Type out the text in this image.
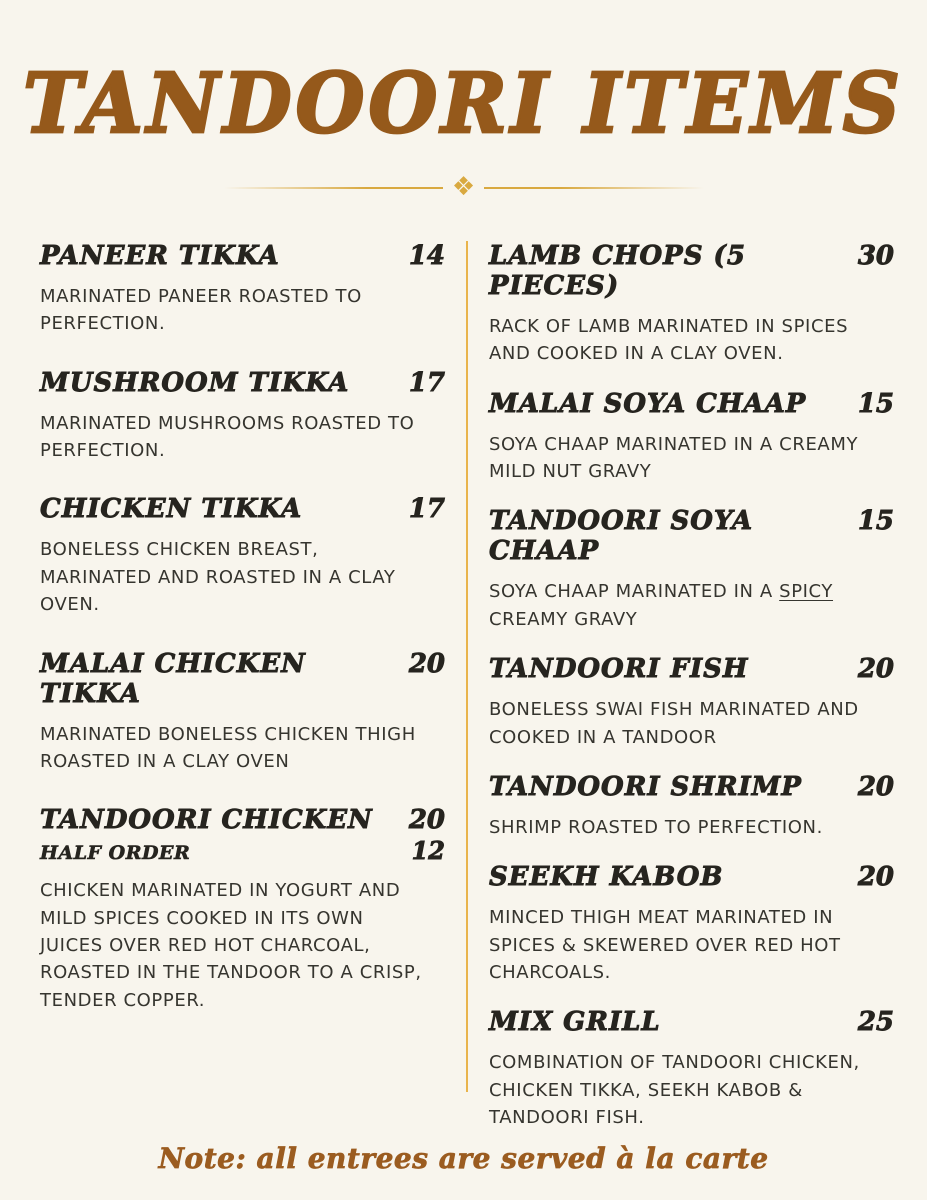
TANDOORI ITEMS
❖
PANEER TIKKA	14

MARINATED PANEER ROASTED TO PERFECTION.

MUSHROOM TIKKA 17

MARINATED MUSHROOMS ROASTED TO PERFECTION.

CHICKEN TIKKA	17

BONELESS CHICKEN BREAST, MARINATED AND ROASTED IN A CLAY OVEN.

MALAI CHICKEN TIKKA
20

MARINATED BONELESS CHICKEN THIGH ROASTED IN A CLAY OVEN

TANDOORI CHICKEN 20
HALF ORDER	12

CHICKEN MARINATED IN YOGURT AND MILD SPICES COOKED IN ITS OWN JUICES OVER RED HOT CHARCOAL, ROASTED IN THE TANDOOR TO A CRISP, TENDER COPPER.

LAMB CHOPS (5 PIECES)
30

RACK OF LAMB MARINATED IN SPICES AND COOKED IN A CLAY OVEN.

MALAI SOYA CHAAP 15

SOYA CHAAP MARINATED IN A CREAMY MILD NUT GRAVY

TANDOORI SOYA CHAAP
15

SOYA CHAAP MARINATED IN A SPICY CREAMY GRAVY

TANDOORI FISH	20

BONELESS SWAI FISH MARINATED AND COOKED IN A TANDOOR

TANDOORI SHRIMP 20

SHRIMP ROASTED TO PERFECTION.

SEEKH KABOB	20

MINCED THIGH MEAT MARINATED IN SPICES & SKEWERED OVER RED HOT CHARCOALS.

MIX GRILL	25

COMBINATION OF TANDOORI CHICKEN, CHICKEN TIKKA, SEEKH KABOB & TANDOORI FISH.

Note: all entrees are served à la carte
